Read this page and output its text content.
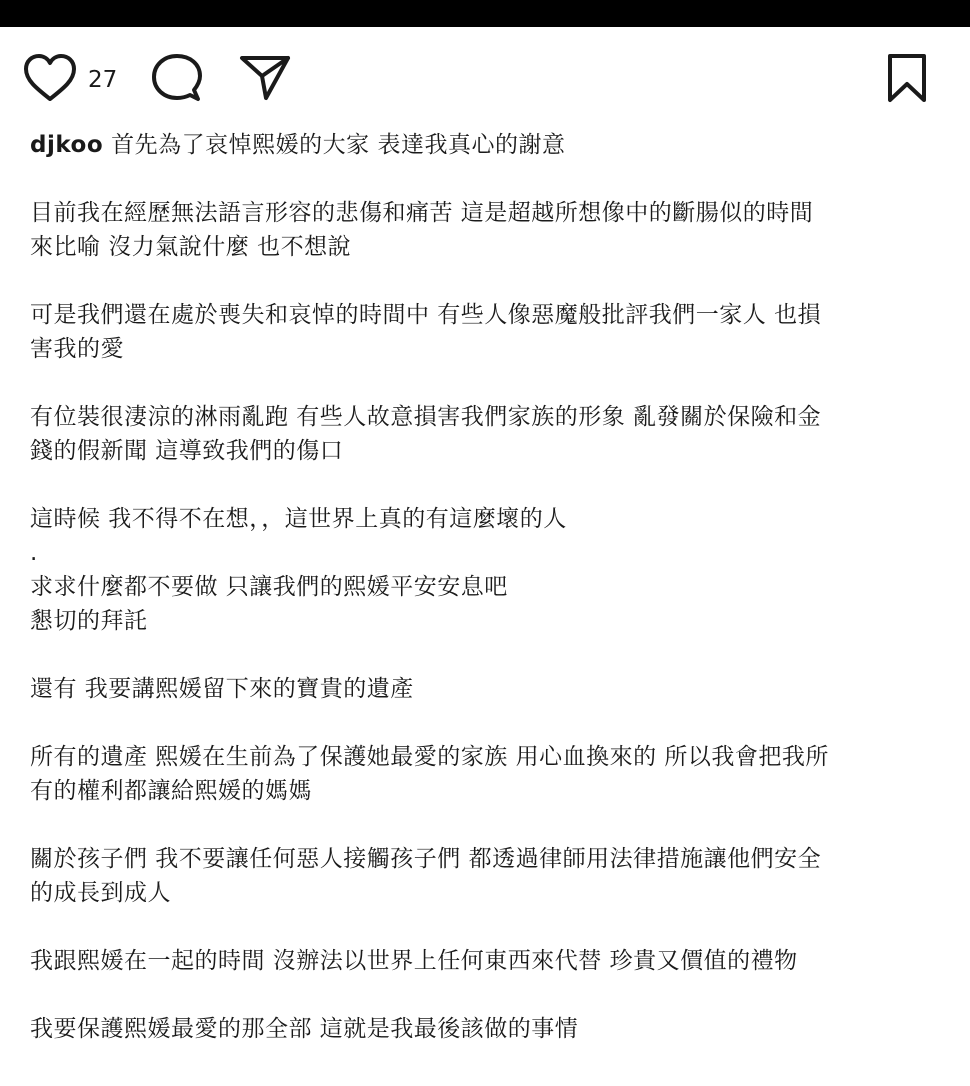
27

djkoo 首先為了哀悼熙媛的大家 表達我真心的謝意

目前我在經歷無法語言形容的悲傷和痛苦 這是超越所想像中的斷腸似的時間
來比喻 沒力氣說什麼 也不想說

可是我們還在處於喪失和哀悼的時間中 有些人像惡魔般批評我們一家人 也損
害我的愛

有位裝很淒涼的淋雨亂跑 有些人故意損害我們家族的形象 亂發關於保險和金
錢的假新聞 這導致我們的傷口

這時候 我不得不在想，，這世界上真的有這麼壞的人

.

求求什麼都不要做 只讓我們的熙媛平安安息吧
懇切的拜託

還有 我要講熙媛留下來的寶貴的遺產

所有的遺產 熙媛在生前為了保護她最愛的家族 用心血換來的 所以我會把我所
有的權利都讓給熙媛的媽媽

關於孩子們 我不要讓任何惡人接觸孩子們 都透過律師用法律措施讓他們安全
的成長到成人

我跟熙媛在一起的時間 沒辦法以世界上任何東西來代替 珍貴又價值的禮物

我要保護熙媛最愛的那全部 這就是我最後該做的事情
